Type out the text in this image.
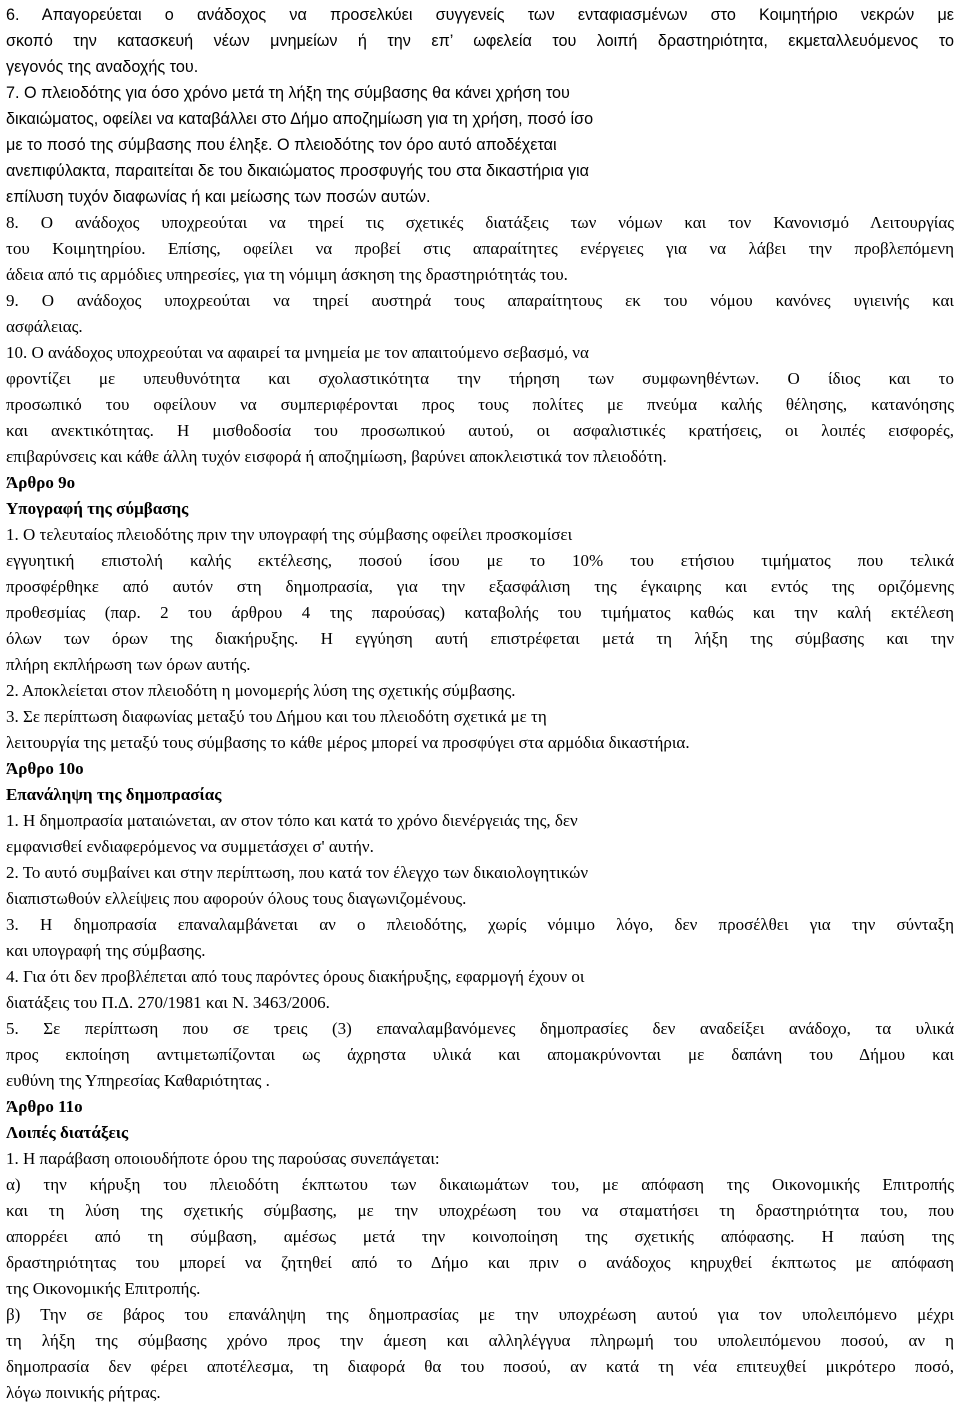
6. Απαγορεύεται ο ανάδοχος να προσελκύει συγγενείς των ενταφιασμένων στο Κοιμητήριο νεκρών με
σκοπό την κατασκευή νέων μνημείων ή την επ’ ωφελεία του λοιπή δραστηριότητα, εκμεταλλευόμενος το
γεγονός της αναδοχής του.
7. Ο πλειοδότης για όσο χρόνο μετά τη λήξη της σύμβασης θα κάνει χρήση του
δικαιώματος, οφείλει να καταβάλλει στο Δήμο αποζημίωση για τη χρήση, ποσό ίσο
με το ποσό της σύμβασης που έληξε. Ο πλειοδότης τον όρο αυτό αποδέχεται
ανεπιφύλακτα, παραιτείται δε του δικαιώματος προσφυγής του στα δικαστήρια για
επίλυση τυχόν διαφωνίας ή και μείωσης των ποσών αυτών.
8. Ο ανάδοχος υποχρεούται να τηρεί τις σχετικές διατάξεις των νόμων και τον Κανονισμό Λειτουργίας
του Κοιμητηρίου. Επίσης, οφείλει να προβεί στις απαραίτητες ενέργειες για να λάβει την προβλεπόμενη
άδεια από τις αρμόδιες υπηρεσίες, για τη νόμιμη άσκηση της δραστηριότητάς του.
9. Ο ανάδοχος υποχρεούται να τηρεί αυστηρά τους απαραίτητους εκ του νόμου κανόνες υγιεινής και
ασφάλειας.
10. Ο ανάδοχος υποχρεούται να αφαιρεί τα μνημεία με τον απαιτούμενο σεβασμό, να
φροντίζει με υπευθυνότητα και σχολαστικότητα την τήρηση των συμφωνηθέντων. Ο ίδιος και το
προσωπικό του οφείλουν να συμπεριφέρονται προς τους πολίτες με πνεύμα καλής θέλησης, κατανόησης
και ανεκτικότητας. Η μισθοδοσία του προσωπικού αυτού, οι ασφαλιστικές κρατήσεις, οι λοιπές εισφορές,
επιβαρύνσεις και κάθε άλλη τυχόν εισφορά ή αποζημίωση, βαρύνει αποκλειστικά τον πλειοδότη.
Άρθρο 9ο
Υπογραφή της σύμβασης
1. Ο τελευταίος πλειοδότης πριν την υπογραφή της σύμβασης οφείλει προσκομίσει
εγγυητική επιστολή καλής εκτέλεσης, ποσού ίσου με το 10% του ετήσιου τιμήματος που τελικά
προσφέρθηκε από αυτόν στη δημοπρασία, για την εξασφάλιση της έγκαιρης και εντός της οριζόμενης
προθεσμίας (παρ. 2 του άρθρου 4 της παρούσας) καταβολής του τιμήματος καθώς και την καλή εκτέλεση
όλων των όρων της διακήρυξης. Η εγγύηση αυτή επιστρέφεται μετά τη λήξη της σύμβασης και την
πλήρη εκπλήρωση των όρων αυτής.
2. Αποκλείεται στον πλειοδότη η μονομερής λύση της σχετικής σύμβασης.
3. Σε περίπτωση διαφωνίας μεταξύ του Δήμου και του πλειοδότη σχετικά με τη
λειτουργία της μεταξύ τους σύμβασης το κάθε μέρος μπορεί να προσφύγει στα αρμόδια δικαστήρια.
Άρθρο 10ο
Επανάληψη της δημοπρασίας
1. Η δημοπρασία ματαιώνεται, αν στον τόπο και κατά το χρόνο διενέργειάς της, δεν
εμφανισθεί ενδιαφερόμενος να συμμετάσχει σ' αυτήν.
2. Το αυτό συμβαίνει και στην περίπτωση, που κατά τον έλεγχο των δικαιολογητικών
διαπιστωθούν ελλείψεις που αφορούν όλους τους διαγωνιζομένους.
3. Η δημοπρασία επαναλαμβάνεται αν ο πλειοδότης, χωρίς νόμιμο λόγο, δεν προσέλθει για την σύνταξη
και υπογραφή της σύμβασης.
4. Για ότι δεν προβλέπεται από τους παρόντες όρους διακήρυξης, εφαρμογή έχουν οι
διατάξεις του Π.Δ. 270/1981 και Ν. 3463/2006.
5. Σε περίπτωση που σε τρεις (3) επαναλαμβανόμενες δημοπρασίες δεν αναδείξει ανάδοχο, τα υλικά
προς εκποίηση αντιμετωπίζονται ως άχρηστα υλικά και απομακρύνονται με δαπάνη του Δήμου και
ευθύνη της Υπηρεσίας Καθαριότητας .
Άρθρο 11ο
Λοιπές διατάξεις
1. Η παράβαση οποιουδήποτε όρου της παρούσας συνεπάγεται:
α) την κήρυξη του πλειοδότη έκπτωτου των δικαιωμάτων του, με απόφαση της Οικονομικής Επιτροπής
και τη λύση της σχετικής σύμβασης, με την υποχρέωση του να σταματήσει τη δραστηριότητα του, που
απορρέει από τη σύμβαση, αμέσως μετά την κοινοποίηση της σχετικής απόφασης. Η παύση της
δραστηριότητας του μπορεί να ζητηθεί από το Δήμο και πριν ο ανάδοχος κηρυχθεί έκπτωτος με απόφαση
της Οικονομικής Επιτροπής.
β) Την σε βάρος του επανάληψη της δημοπρασίας με την υποχρέωση αυτού για τον υπολειπόμενο μέχρι
τη λήξη της σύμβασης χρόνο προς την άμεση και αλληλέγγυα πληρωμή του υπολειπόμενου ποσού, αν η
δημοπρασία δεν φέρει αποτέλεσμα, τη διαφορά θα του ποσού, αν κατά τη νέα επιτευχθεί μικρότερο ποσό,
λόγω ποινικής ρήτρας.
